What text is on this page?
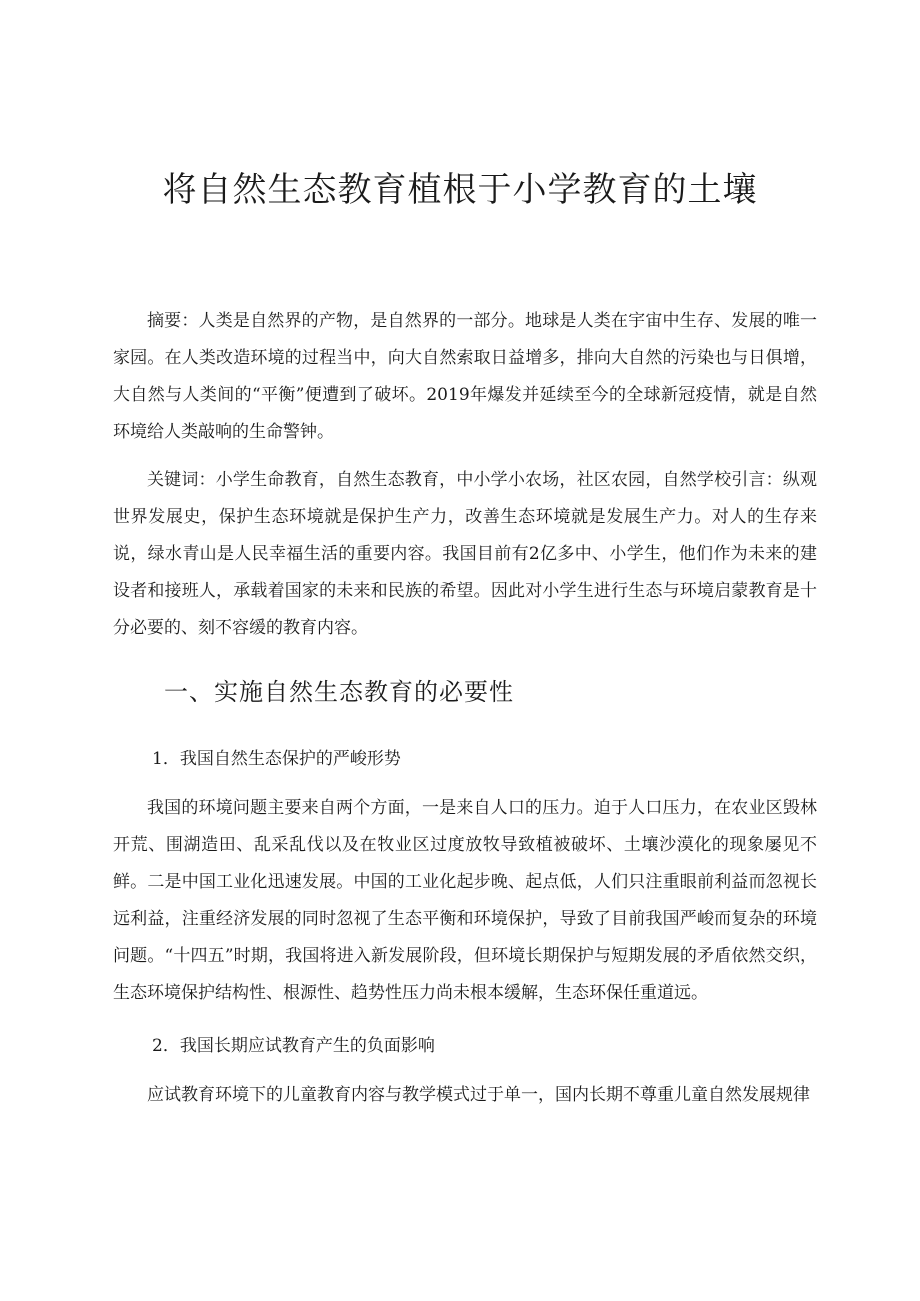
将自然生态教育植根于小学教育的土壤

摘要：人类是自然界的产物，是自然界的一部分。地球是人类在宇宙中生存、发展的唯一家园。在人类改造环境的过程当中，向大自然索取日益增多，排向大自然的污染也与日俱增，大自然与人类间的“平衡”便遭到了破坏。2019年爆发并延续至今的全球新冠疫情，就是自然环境给人类敲响的生命警钟。

关键词：小学生命教育，自然生态教育，中小学小农场，社区农园，自然学校引言：纵观世界发展史，保护生态环境就是保护生产力，改善生态环境就是发展生产力。对人的生存来说，绿水青山是人民幸福生活的重要内容。我国目前有2亿多中、小学生，他们作为未来的建设者和接班人，承载着国家的未来和民族的希望。因此对小学生进行生态与环境启蒙教育是十分必要的、刻不容缓的教育内容。

一、实施自然生态教育的必要性
1．我国自然生态保护的严峻形势

我国的环境问题主要来自两个方面，一是来自人口的压力。迫于人口压力，在农业区毁林开荒、围湖造田、乱采乱伐以及在牧业区过度放牧导致植被破坏、土壤沙漠化的现象屡见不鲜。二是中国工业化迅速发展。中国的工业化起步晚、起点低，人们只注重眼前利益而忽视长远利益，注重经济发展的同时忽视了生态平衡和环境保护，导致了目前我国严峻而复杂的环境问题。“十四五”时期，我国将进入新发展阶段，但环境长期保护与短期发展的矛盾依然交织，生态环境保护结构性、根源性、趋势性压力尚未根本缓解，生态环保任重道远。

2．我国长期应试教育产生的负面影响

应试教育环境下的儿童教育内容与教学模式过于单一，国内长期不尊重儿童自然发展规律
